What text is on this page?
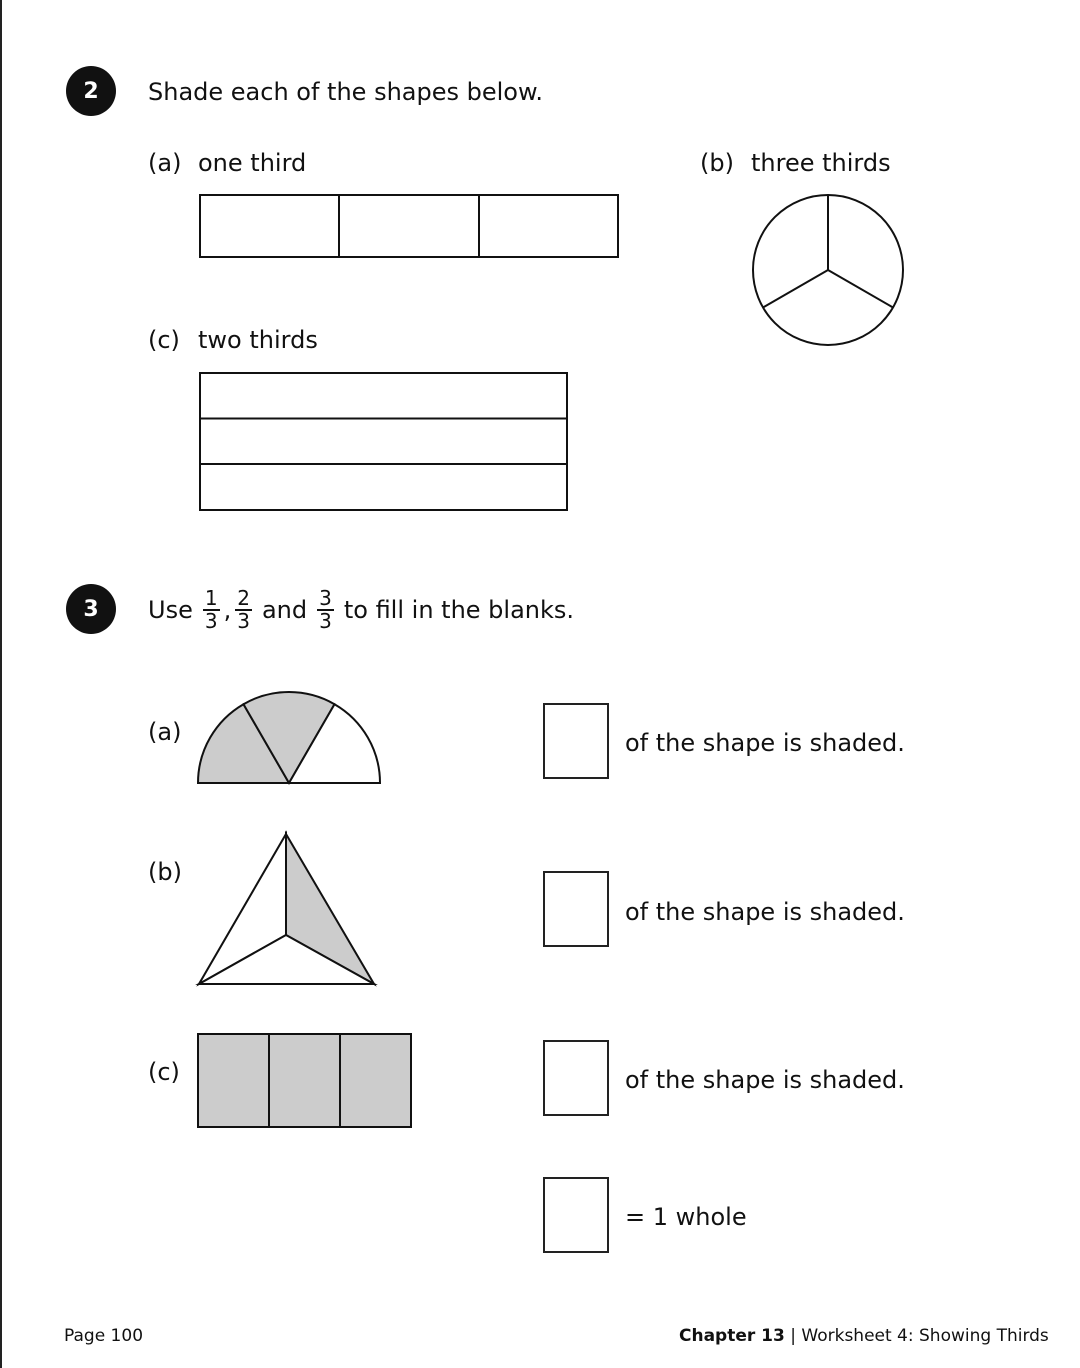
2 Shade each of the shapes below.
(a) one third	(b) three thirds
(c) two thirds
3 Use $\frac{1}{3}$ , $\frac{2}{3}$ and $\frac{3}{3}$ to fill in the blanks.
(a)	of the shape is shaded.
(b)
of the shape is shaded.
(c)	of the shape is shaded.
= 1 whole
Page 100	Chapter 13 | Worksheet 4: Showing Thirds
